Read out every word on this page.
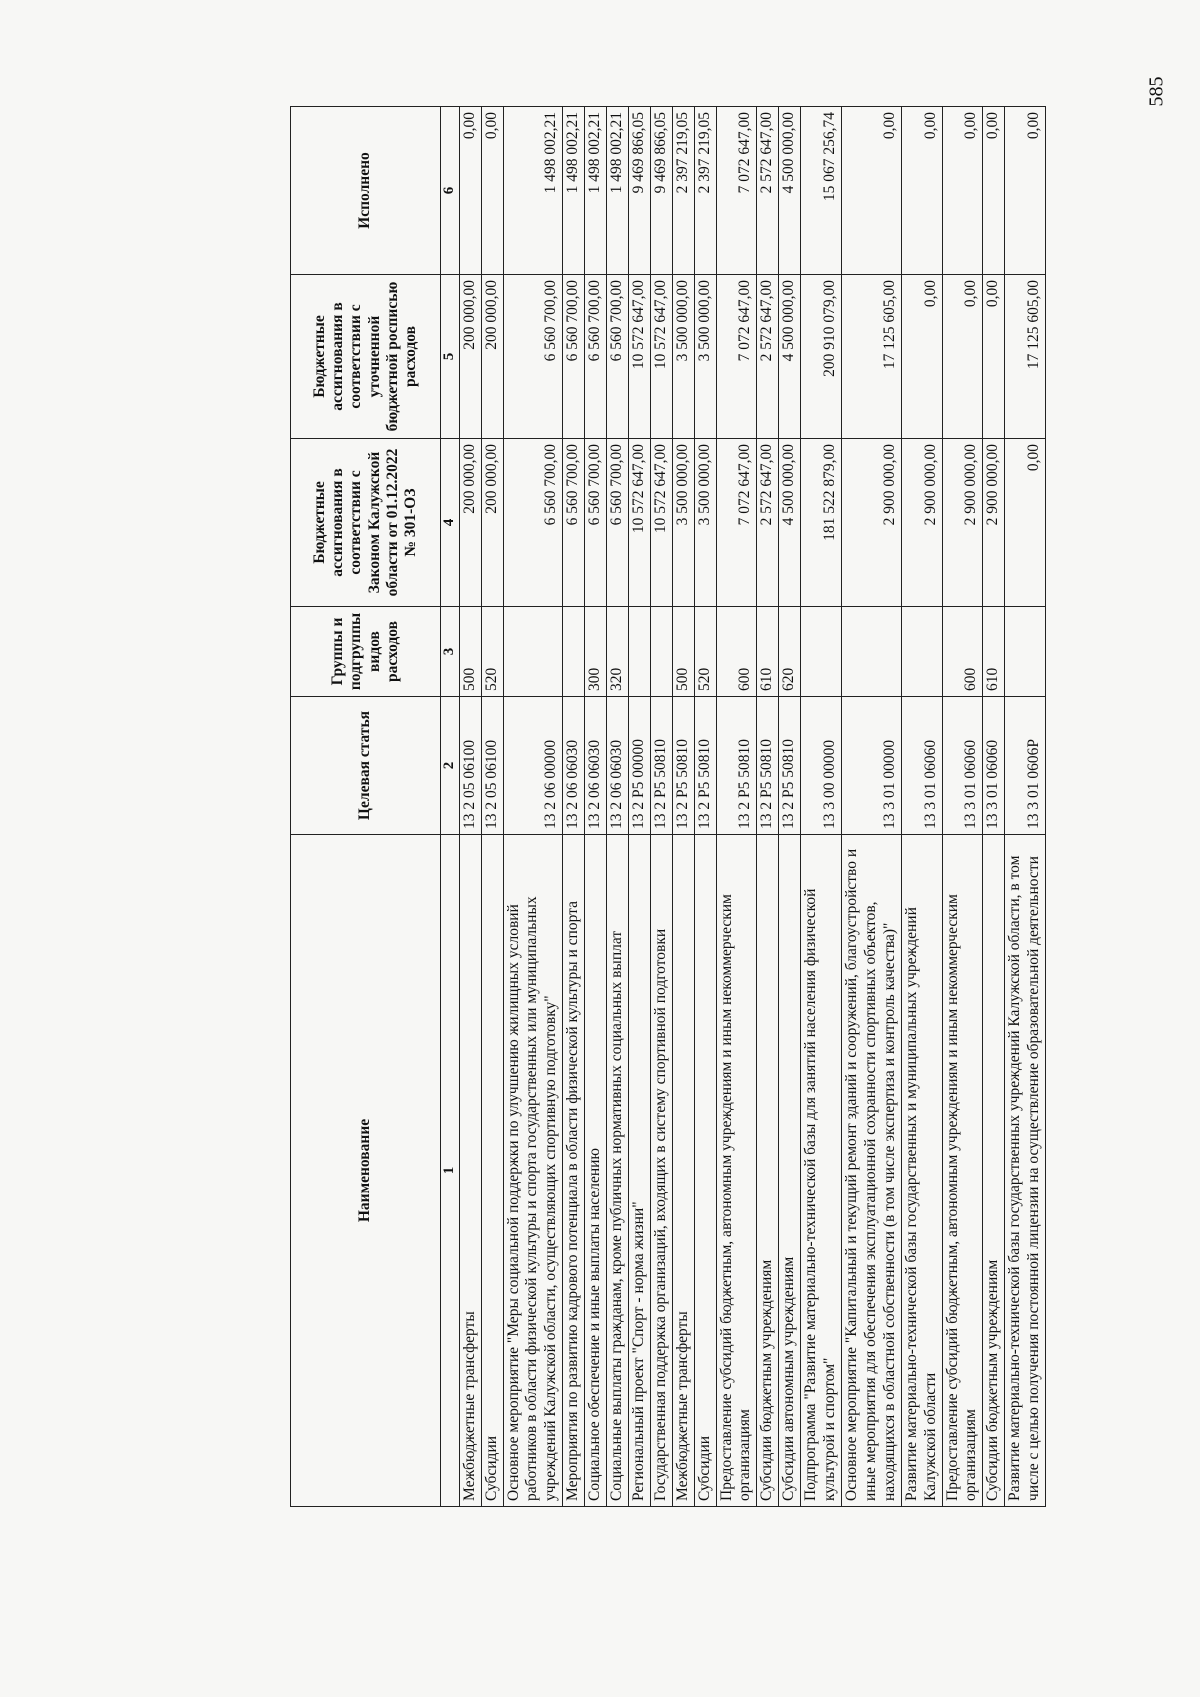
Наименование	Целевая статья	Группы и подгруппы видов расходов	Бюджетные ассигнования в соответствии с Законом Калужской области от 01.12.2022 № 301-ОЗ	Бюджетные ассигнования в соответствии с уточненной бюджетной росписью расходов	Исполнено
1	2	3	4	5	6
Межбюджетные трансферты	13 2 05 06100	500	200 000,00	200 000,00	0,00
Субсидии	13 2 05 06100	520	200 000,00	200 000,00	0,00
Основное мероприятие "Меры социальной поддержки по улучшению жилищных условий работников в области физической культуры и спорта государственных или муниципальных учреждений Калужской области, осуществляющих спортивную подготовку"	13 2 06 00000		6 560 700,00	6 560 700,00	1 498 002,21
Мероприятия по развитию кадрового потенциала в области физической культуры и спорта	13 2 06 06030		6 560 700,00	6 560 700,00	1 498 002,21
Социальное обеспечение и иные выплаты населению	13 2 06 06030	300	6 560 700,00	6 560 700,00	1 498 002,21
Социальные выплаты гражданам, кроме публичных нормативных социальных выплат	13 2 06 06030	320	6 560 700,00	6 560 700,00	1 498 002,21
Региональный проект "Спорт - норма жизни"	13 2 P5 00000		10 572 647,00	10 572 647,00	9 469 866,05
Государственная поддержка организаций, входящих в систему спортивной подготовки	13 2 P5 50810		10 572 647,00	10 572 647,00	9 469 866,05
Межбюджетные трансферты	13 2 P5 50810	500	3 500 000,00	3 500 000,00	2 397 219,05
Субсидии	13 2 P5 50810	520	3 500 000,00	3 500 000,00	2 397 219,05
Предоставление субсидий бюджетным, автономным учреждениям и иным некоммерческим организациям	13 2 P5 50810	600	7 072 647,00	7 072 647,00	7 072 647,00
Субсидии бюджетным учреждениям	13 2 P5 50810	610	2 572 647,00	2 572 647,00	2 572 647,00
Субсидии автономным учреждениям	13 2 P5 50810	620	4 500 000,00	4 500 000,00	4 500 000,00
Подпрограмма "Развитие материально-технической базы для занятий населения физической культурой и спортом"	13 3 00 00000		181 522 879,00	200 910 079,00	15 067 256,74
Основное мероприятие "Капитальный и текущий ремонт зданий и сооружений, благоустройство и иные мероприятия для обеспечения эксплуатационной сохранности спортивных объектов, находящихся в областной собственности (в том числе экспертиза и контроль качества)"	13 3 01 00000		2 900 000,00	17 125 605,00	0,00
Развитие материально-технической базы государственных и муниципальных учреждений Калужской области	13 3 01 06060		2 900 000,00	0,00	0,00
Предоставление субсидий бюджетным, автономным учреждениям и иным некоммерческим организациям	13 3 01 06060	600	2 900 000,00	0,00	0,00
Субсидии бюджетным учреждениям	13 3 01 06060	610	2 900 000,00	0,00	0,00
Развитие материально-технической базы государственных учреждений Калужской области, в том числе с целью получения постоянной лицензии на осуществление образовательной деятельности	13 3 01 0606P		0,00	17 125 605,00	0,00
585
